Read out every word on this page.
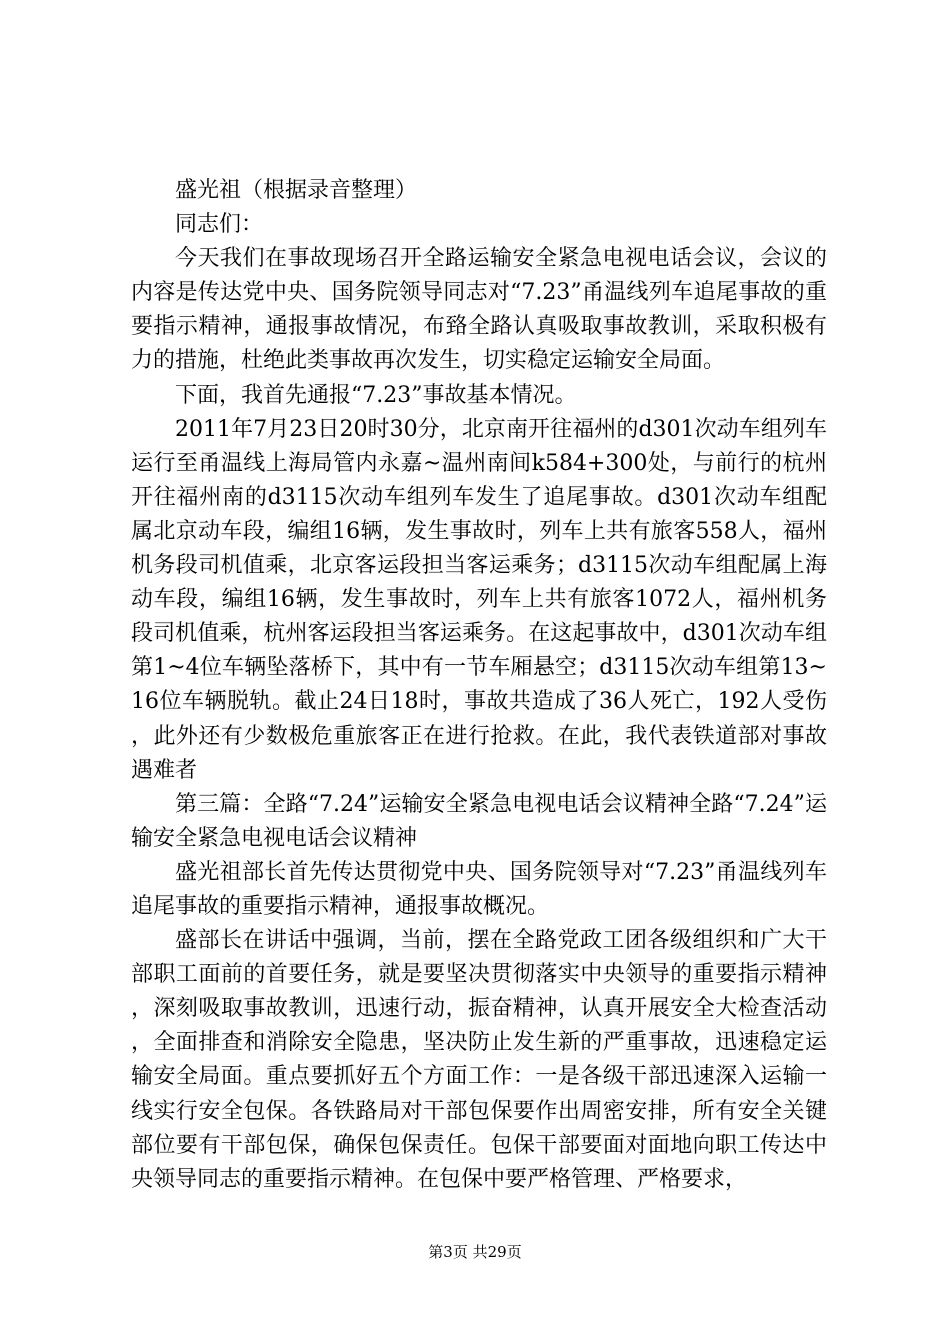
盛光祖（根据录音整理）

同志们：

今天我们在事故现场召开全路运输安全紧急电视电话会议，会议的内容是传达党中央、国务院领导同志对“7.23”甬温线列车追尾事故的重要指示精神，通报事故情况，布臵全路认真吸取事故教训，采取积极有力的措施，杜绝此类事故再次发生，切实稳定运输安全局面。

下面，我首先通报“7.23”事故基本情况。

2011年7月23日20时30分，北京南开往福州的d301次动车组列车运行至甬温线上海局管内永嘉~温州南间k584+300处，与前行的杭州开往福州南的d3115次动车组列车发生了追尾事故。d301次动车组配属北京动车段，编组16辆，发生事故时，列车上共有旅客558人，福州机务段司机值乘，北京客运段担当客运乘务；d3115次动车组配属上海动车段，编组16辆，发生事故时，列车上共有旅客1072人，福州机务段司机值乘，杭州客运段担当客运乘务。在这起事故中，d301次动车组第1~4位车辆坠落桥下，其中有一节车厢悬空；d3115次动车组第13~16位车辆脱轨。截止24日18时，事故共造成了36人死亡，192人受伤，此外还有少数极危重旅客正在进行抢救。在此，我代表铁道部对事故遇难者

第三篇：全路“7.24”运输安全紧急电视电话会议精神全路“7.24”运输安全紧急电视电话会议精神

盛光祖部长首先传达贯彻党中央、国务院领导对“7.23”甬温线列车追尾事故的重要指示精神，通报事故概况。

盛部长在讲话中强调，当前，摆在全路党政工团各级组织和广大干部职工面前的首要任务，就是要坚决贯彻落实中央领导的重要指示精神，深刻吸取事故教训，迅速行动，振奋精神，认真开展安全大检查活动，全面排查和消除安全隐患，坚决防止发生新的严重事故，迅速稳定运输安全局面。重点要抓好五个方面工作：一是各级干部迅速深入运输一线实行安全包保。各铁路局对干部包保要作出周密安排，所有安全关键部位要有干部包保，确保包保责任。包保干部要面对面地向职工传达中央领导同志的重要指示精神。在包保中要严格管理、严格要求，

第3页 共29页
